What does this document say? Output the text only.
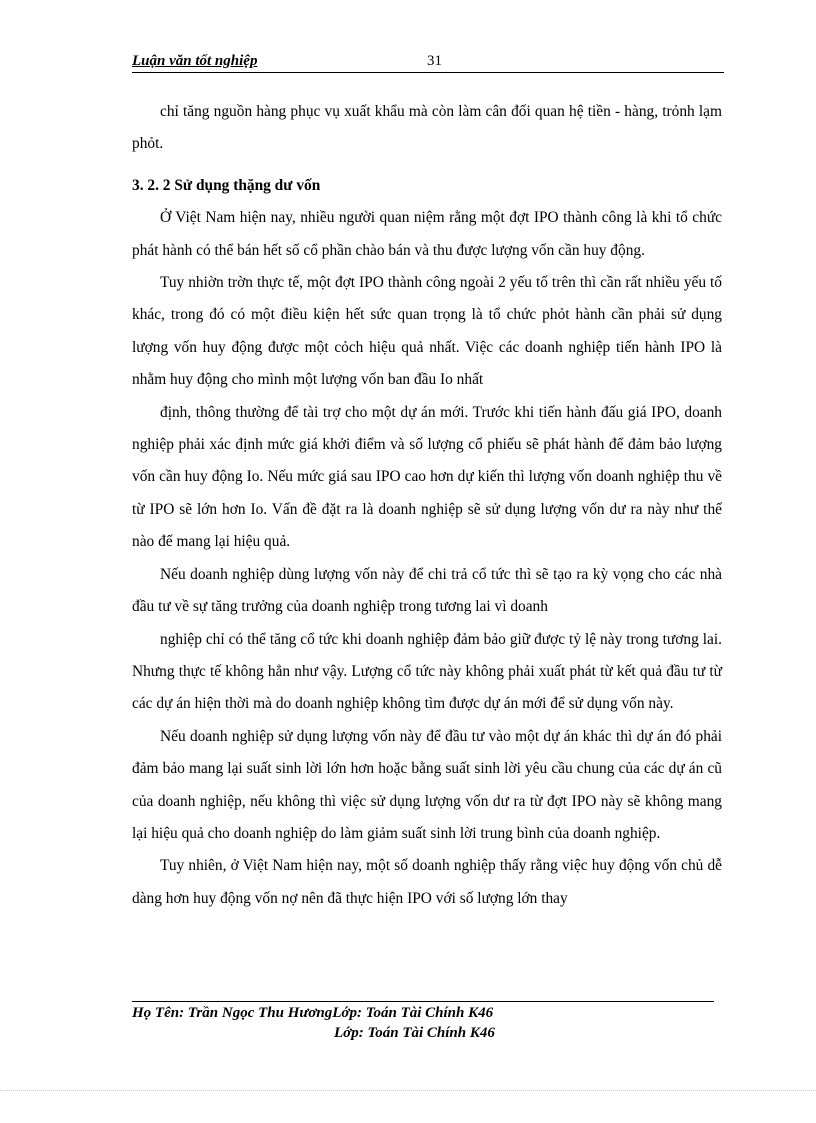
Luận văn tốt nghiệp	31

chỉ tăng nguồn hàng phục vụ xuất khẩu mà còn làm cân đối quan hệ tiền - hàng, trỏnh lạm phỏt.

3. 2. 2 Sử dụng thặng dư vốn

Ở Việt Nam hiện nay, nhiều người quan niệm rằng một đợt IPO thành công là khi tổ chức phát hành có thể bán hết số cổ phần chào bán và thu được lượng vốn cần huy động.

Tuy nhiờn trờn thực tế, một đợt IPO thành công ngoài 2 yếu tố trên thì cần rất nhiều yếu tố khác, trong đó có một điều kiện hết sức quan trọng là tổ chức phỏt hành cần phải sử dụng lượng vốn huy động được một cỏch hiệu quả nhất. Việc các doanh nghiệp tiến hành IPO là nhằm huy động cho mình một lượng vốn ban đầu Io nhất

định, thông thường để tài trợ cho một dự án mới. Trước khi tiến hành đấu giá IPO, doanh nghiệp phải xác định mức giá khởi điểm và số lượng cổ phiếu sẽ phát hành để đảm bảo lượng vốn cần huy động Io. Nếu mức giá sau IPO cao hơn dự kiến thì lượng vốn doanh nghiệp thu về từ IPO sẽ lớn hơn Io. Vấn đề đặt ra là doanh nghiệp sẽ sử dụng lượng vốn dư ra này như thế nào để mang lại hiệu quả.

Nếu doanh nghiệp dùng lượng vốn này để chi trả cổ tức thì sẽ tạo ra kỳ vọng cho các nhà đầu tư về sự tăng trưởng của doanh nghiệp trong tương lai vì doanh

nghiệp chỉ có thể tăng cổ tức khi doanh nghiệp đảm bảo giữ được tỷ lệ này trong tương lai. Nhưng thực tế không hẳn như vậy. Lượng cổ tức này không phải xuất phát từ kết quả đầu tư từ các dự án hiện thời mà do doanh nghiệp không tìm được dự án mới để sử dụng vốn này.

Nếu doanh nghiệp sử dụng lượng vốn này để đầu tư vào một dự án khác thì dự án đó phải đảm bảo mang lại suất sinh lời lớn hơn hoặc bằng suất sinh lời yêu cầu chung của các dự án cũ của doanh nghiệp, nếu không thì việc sử dụng lượng vốn dư ra từ đợt IPO này sẽ không mang lại hiệu quả cho doanh nghiệp do làm giảm suất sinh lời trung bình của doanh nghiệp.

Tuy nhiên, ở Việt Nam hiện nay, một số doanh nghiệp thấy rằng việc huy động vốn chủ dễ dàng hơn huy động vốn nợ nên đã thực hiện IPO với số lượng lớn thay

Họ Tên: Trần Ngọc Thu HươngLớp: Toán Tài Chính K46
Lớp: Toán Tài Chính K46
